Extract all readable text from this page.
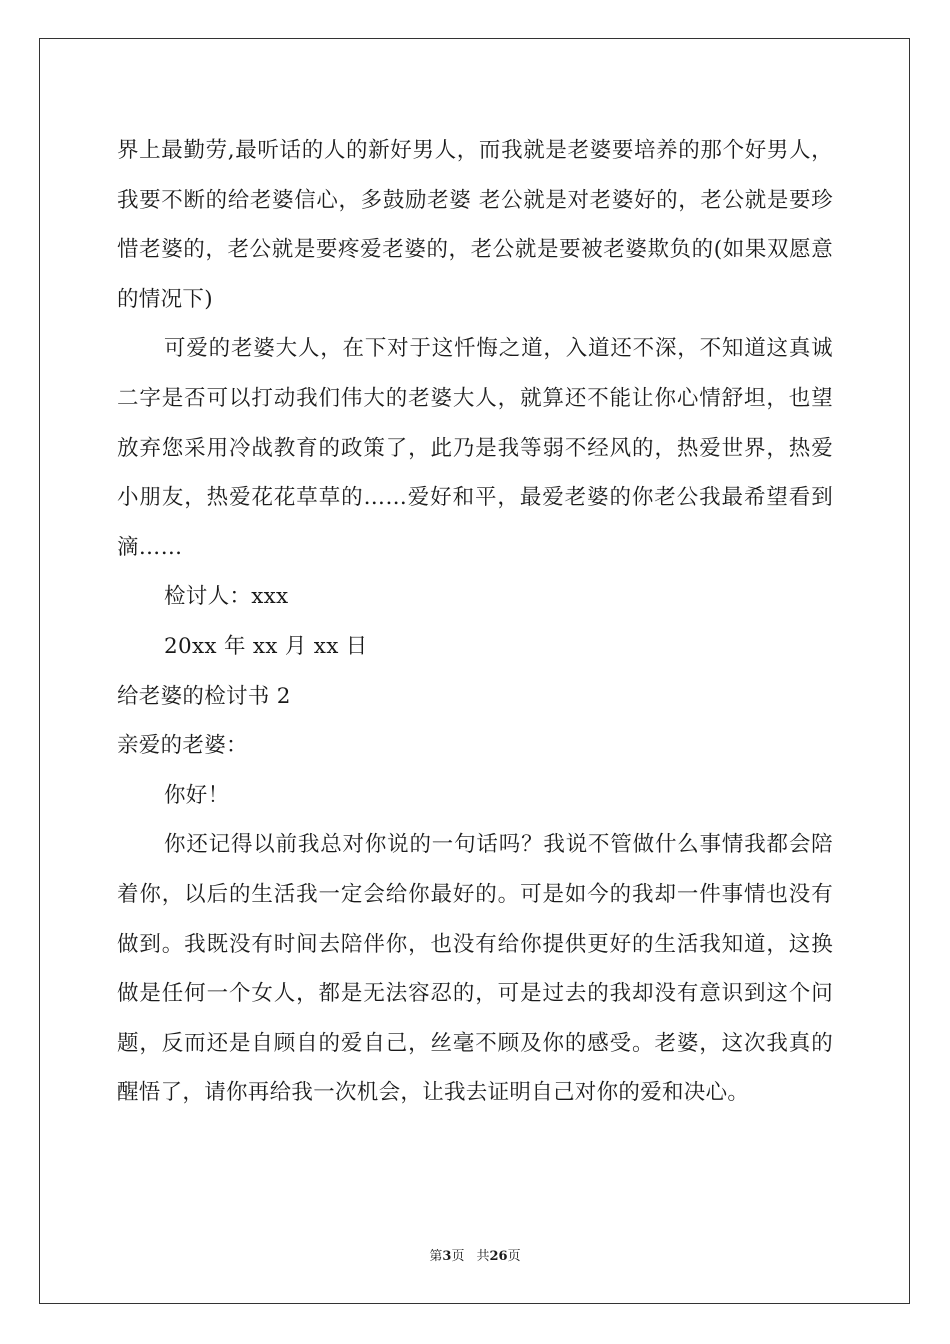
界上最勤劳,最听话的人的新好男人，而我就是老婆要培养的那个好男人，我要不断的给老婆信心，多鼓励老婆 老公就是对老婆好的，老公就是要珍惜老婆的，老公就是要疼爱老婆的，老公就是要被老婆欺负的(如果双愿意的情况下)

可爱的老婆大人，在下对于这忏悔之道，入道还不深，不知道这真诚二字是否可以打动我们伟大的老婆大人，就算还不能让你心情舒坦，也望放弃您采用冷战教育的政策了，此乃是我等弱不经风的，热爱世界，热爱小朋友，热爱花花草草的……爱好和平，最爱老婆的你老公我最希望看到滴……

检讨人：xxx

20xx 年 xx 月 xx 日

给老婆的检讨书 2

亲爱的老婆：

你好！

你还记得以前我总对你说的一句话吗？我说不管做什么事情我都会陪着你，以后的生活我一定会给你最好的。可是如今的我却一件事情也没有做到。我既没有时间去陪伴你，也没有给你提供更好的生活我知道，这换做是任何一个女人，都是无法容忍的，可是过去的我却没有意识到这个问题，反而还是自顾自的爱自己，丝毫不顾及你的感受。老婆，这次我真的醒悟了，请你再给我一次机会，让我去证明自己对你的爱和决心。

第3页 共26页
